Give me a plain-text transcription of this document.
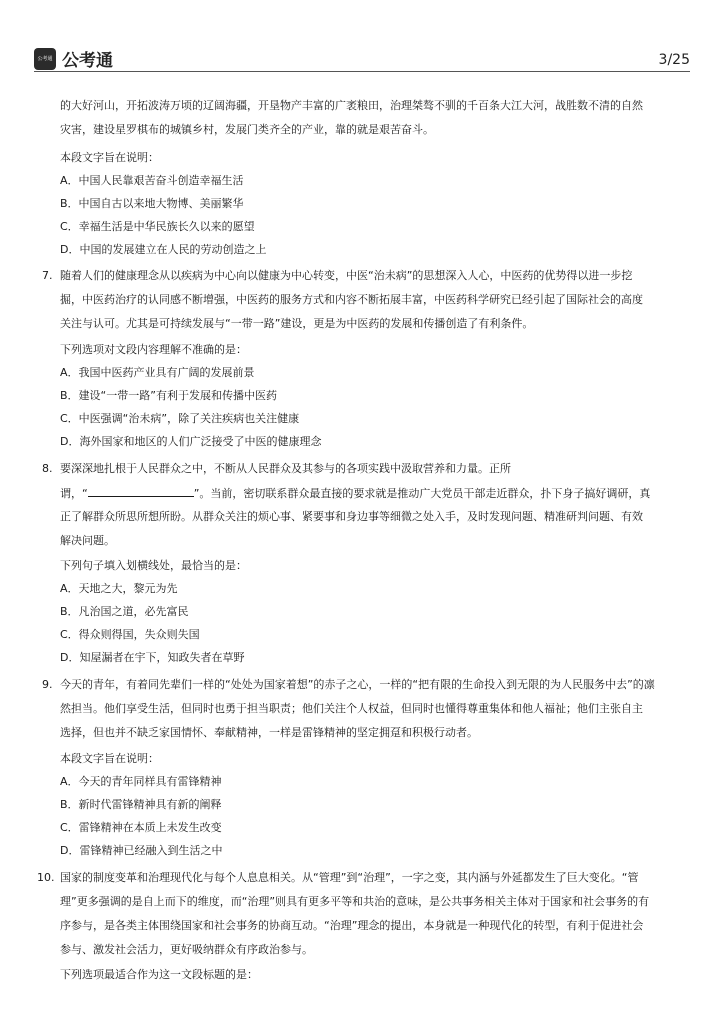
公考通 公考通	3/25
的大好河山，开拓波涛万顷的辽阔海疆，开垦物产丰富的广袤粮田，治理桀骜不驯的千百条大江大河，战胜数不清的自然
灾害，建设星罗棋布的城镇乡村，发展门类齐全的产业，靠的就是艰苦奋斗。
本段文字旨在说明：
A．中国人民靠艰苦奋斗创造幸福生活
B．中国自古以来地大物博、美丽繁华
C．幸福生活是中华民族长久以来的愿望
D．中国的发展建立在人民的劳动创造之上
7. 随着人们的健康理念从以疾病为中心向以健康为中心转变，中医“治未病”的思想深入人心，中医药的优势得以进一步挖
掘，中医药治疗的认同感不断增强，中医药的服务方式和内容不断拓展丰富，中医药科学研究已经引起了国际社会的高度
关注与认可。尤其是可持续发展与“一带一路”建设，更是为中医药的发展和传播创造了有利条件。
下列选项对文段内容理解不准确的是：
A．我国中医药产业具有广阔的发展前景
B．建设“一带一路”有利于发展和传播中医药
C．中医强调“治未病”，除了关注疾病也关注健康
D．海外国家和地区的人们广泛接受了中医的健康理念
8. 要深深地扎根于人民群众之中，不断从人民群众及其参与的各项实践中汲取营养和力量。正所
谓，“	”。当前，密切联系群众最直接的要求就是推动广大党员干部走近群众，扑下身子搞好调研，真
正了解群众所思所想所盼。从群众关注的烦心事、紧要事和身边事等细微之处入手，及时发现问题、精准研判问题、有效
解决问题。
下列句子填入划横线处，最恰当的是：
A．天地之大，黎元为先
B．凡治国之道，必先富民
C．得众则得国，失众则失国
D．知屋漏者在宇下，知政失者在草野
9. 今天的青年，有着同先辈们一样的“处处为国家着想”的赤子之心，一样的“把有限的生命投入到无限的为人民服务中去”的凛
然担当。他们享受生活，但同时也勇于担当职责；他们关注个人权益，但同时也懂得尊重集体和他人福祉；他们主张自主
选择，但也并不缺乏家国情怀、奉献精神，一样是雷锋精神的坚定拥趸和积极行动者。
本段文字旨在说明：
A．今天的青年同样具有雷锋精神
B．新时代雷锋精神具有新的阐释
C．雷锋精神在本质上未发生改变
D．雷锋精神已经融入到生活之中
10. 国家的制度变革和治理现代化与每个人息息相关。从“管理”到“治理”，一字之变，其内涵与外延都发生了巨大变化。“管
理”更多强调的是自上而下的维度，而“治理”则具有更多平等和共治的意味，是公共事务相关主体对于国家和社会事务的有
序参与，是各类主体围绕国家和社会事务的协商互动。“治理”理念的提出，本身就是一种现代化的转型，有利于促进社会
参与、激发社会活力，更好吸纳群众有序政治参与。
下列选项最适合作为这一文段标题的是：
